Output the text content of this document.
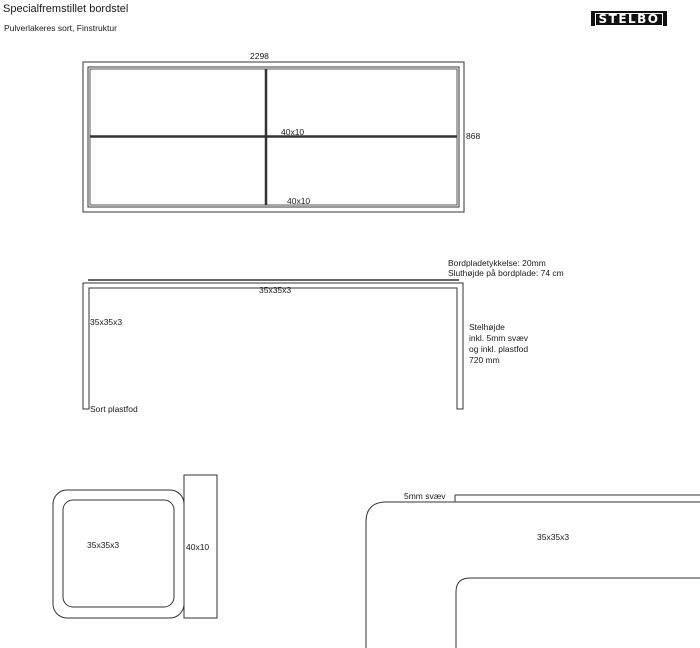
Specialfremstillet bordstel
Pulverlakeres sort, Finstruktur
STELBO
2298
868
40x10
40x10
Bordpladetykkelse: 20mm
Sluthøjde på bordplade: 74 cm
35x35x3
35x35x3
Sort plastfod
Stelhøjde
inkl. 5mm svæv
og inkl. plastfod
720 mm
35x35x3	40x10
5mm svæv
35x35x3
